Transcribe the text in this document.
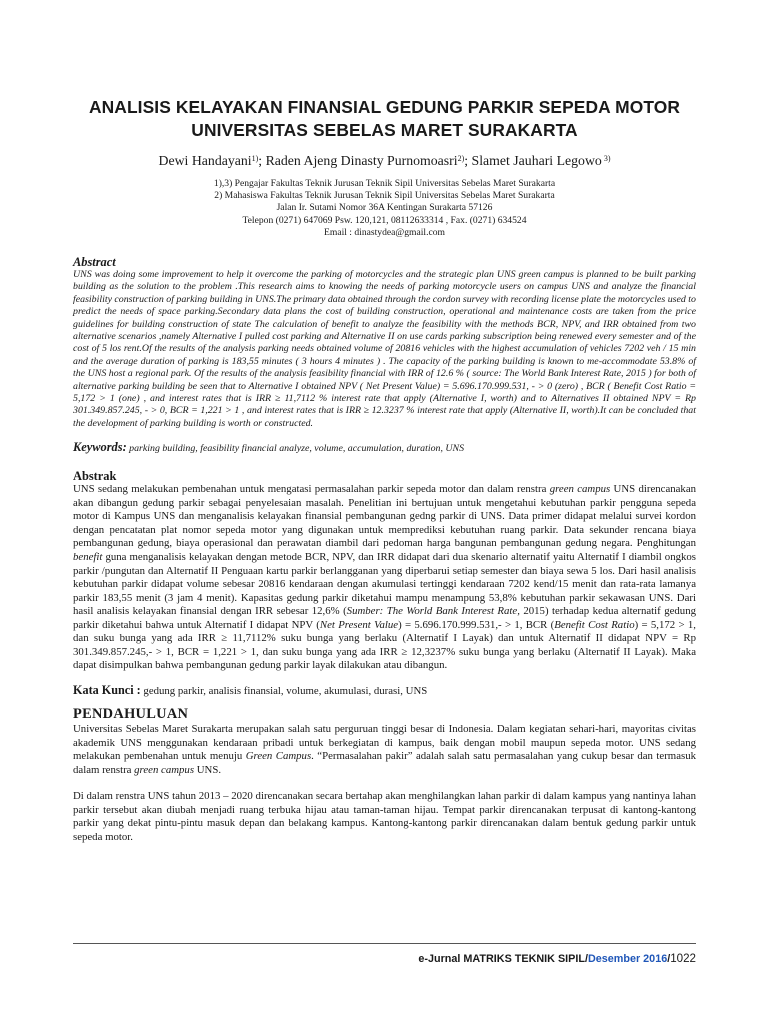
ANALISIS KELAYAKAN FINANSIAL GEDUNG PARKIR SEPEDA MOTOR
UNIVERSITAS SEBELAS MARET SURAKARTA
Dewi Handayani$^{1)}$; Raden Ajeng Dinasty Purnomoasri$^{2)}$; Slamet Jauhari Legowo $^{3)}$
1),3) Pengajar Fakultas Teknik Jurusan Teknik Sipil Universitas Sebelas Maret Surakarta
2) Mahasiswa Fakultas Teknik Jurusan Teknik Sipil Universitas Sebelas Maret Surakarta
Jalan Ir. Sutami Nomor 36A Kentingan Surakarta 57126
Telepon (0271) 647069 Psw. 120,121, 08112633314 , Fax. (0271) 634524
Email : dinastydea@gmail.com
Abstract

UNS was doing some improvement to help it overcome the parking of motorcycles and the strategic plan UNS green campus is planned to be built parking building as the solution to the problem .This research aims to knowing the needs of parking motorcycle users on campus UNS and analyze the financial feasibility construction of parking building in UNS.The primary data obtained through the cordon survey with recording license plate the motorcycles used to predict the needs of space parking.Secondary data plans the cost of building construction, operational and maintenance costs are taken from the price guidelines for building construction of state The calculation of benefit to analyze the feasibility with the methods BCR, NPV, and IRR obtained from two alternative scenarios ,namely Alternative I pulled cost parking and Alternative II on use cards parking subscription being renewed every semester and of the cost of 5 los rent.Of the results of the analysis parking needs obtained volume of 20816 vehicles with the highest accumulation of vehicles 7202 veh / 15 min and the average duration of parking is 183,55 minutes ( 3 hours 4 minutes ) . The capacity of the parking building is known to me-accommodate 53.8% of the UNS host a regional park. Of the results of the analysis feasibility financial with IRR of 12.6 % ( source: The World Bank Interest Rate, 2015 ) for both of alternative parking building be seen that to Alternative I obtained NPV ( Net Present Value) = 5.696.170.999.531, - > 0 (zero) , BCR ( Benefit Cost Ratio = 5,172 > 1 (one) , and interest rates that is IRR ≥ 11,7112 % interest rate that apply (Alternative I, worth) and to Alternatives II obtained NPV = Rp 301.349.857.245, - > 0, BCR = 1,221 > 1 , and interest rates that is IRR ≥ 12.3237 % interest rate that apply (Alternative II, worth).It can be concluded that the development of parking building is worth or constructed.

Keywords: parking building, feasibility financial analyze, volume, accumulation, duration, UNS
Abstrak

UNS sedang melakukan pembenahan untuk mengatasi permasalahan parkir sepeda motor dan dalam renstra green campus UNS direncanakan akan dibangun gedung parkir sebagai penyelesaian masalah. Penelitian ini bertujuan untuk mengetahui kebutuhan parkir pengguna sepeda motor di Kampus UNS dan menganalisis kelayakan finansial pembangunan gedng parkir di UNS. Data primer didapat melalui survei kordon dengan pencatatan plat nomor sepeda motor yang digunakan untuk memprediksi kebutuhan ruang parkir. Data sekunder rencana biaya pembangunan gedung, biaya operasional dan perawatan diambil dari pedoman harga bangunan pembangunan gedung negara. Penghitungan benefit guna menganalisis kelayakan dengan metode BCR, NPV, dan IRR didapat dari dua skenario alternatif yaitu Alternatif I diambil ongkos parkir /pungutan dan Alternatif II Penguaan kartu parkir berlangganan yang diperbarui setiap semester dan biaya sewa 5 los. Dari hasil analisis kebutuhan parkir didapat volume sebesar 20816 kendaraan dengan akumulasi tertinggi kendaraan 7202 kend/15 menit dan rata-rata lamanya parkir 183,55 menit (3 jam 4 menit). Kapasitas gedung parkir diketahui mampu menampung 53,8% kebutuhan parkir sekawasan UNS. Dari hasil analisis kelayakan finansial dengan IRR sebesar 12,6% (Sumber: The World Bank Interest Rate, 2015) terhadap kedua alternatif gedung parkir diketahui bahwa untuk Alternatif I didapat NPV (Net Present Value) = 5.696.170.999.531,- > 1, BCR (Benefit Cost Ratio) = 5,172 > 1, dan suku bunga yang ada IRR ≥ 11,7112% suku bunga yang berlaku (Alternatif I Layak) dan untuk Alternatif II didapat NPV = Rp 301.349.857.245,- > 1, BCR = 1,221 > 1, dan suku bunga yang ada IRR ≥ 12,3237% suku bunga yang berlaku (Alternatif II Layak). Maka dapat disimpulkan bahwa pembangunan gedung parkir layak dilakukan atau dibangun.

Kata Kunci : gedung parkir, analisis finansial, volume, akumulasi, durasi, UNS
PENDAHULUAN

Universitas Sebelas Maret Surakarta merupakan salah satu perguruan tinggi besar di Indonesia. Dalam kegiatan sehari-hari, mayoritas civitas akademik UNS menggunakan kendaraan pribadi untuk berkegiatan di kampus, baik dengan mobil maupun sepeda motor. UNS sedang melakukan pembenahan untuk menuju Green Campus. “Permasalahan pakir” adalah salah satu permasalahan yang cukup besar dan termasuk dalam renstra green campus UNS.

Di dalam renstra UNS tahun 2013 – 2020 direncanakan secara bertahap akan menghilangkan lahan parkir di dalam kampus yang nantinya lahan parkir tersebut akan diubah menjadi ruang terbuka hijau atau taman-taman hijau. Tempat parkir direncanakan terpusat di kantong-kantong parkir yang dekat pintu-pintu masuk depan dan belakang kampus. Kantong-kantong parkir direncanakan dalam bentuk gedung parkir untuk sepeda motor.

e-Jurnal MATRIKS TEKNIK SIPIL/Desember 2016/1022
